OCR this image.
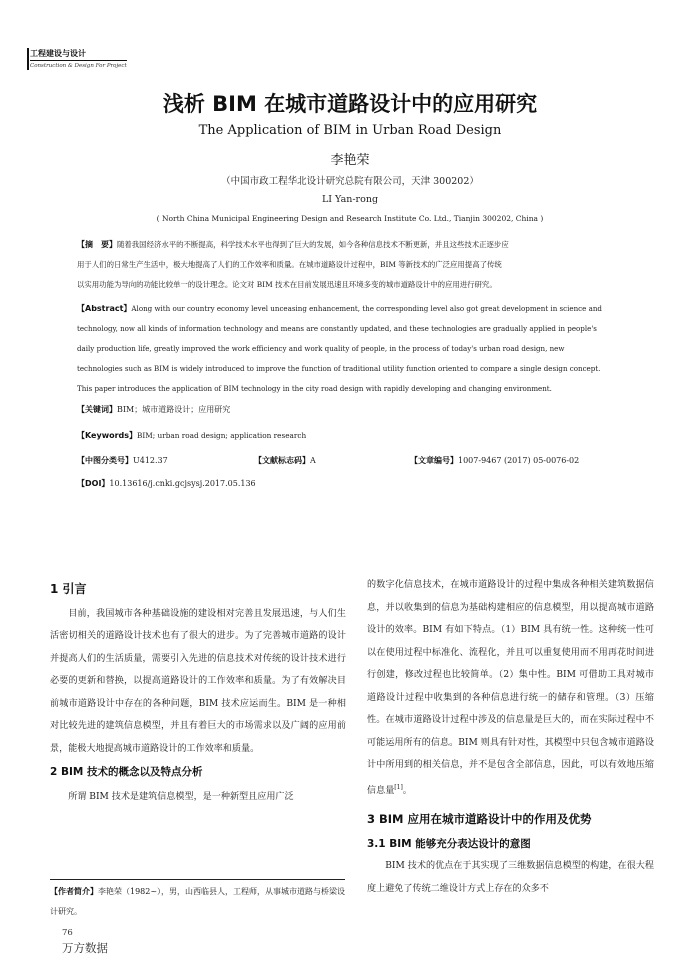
工程建设与设计
Construction & Design For Project
浅析 BIM 在城市道路设计中的应用研究
The Application of BIM in Urban Road Design
李艳荣
（中国市政工程华北设计研究总院有限公司，天津 300202）
LI Yan-rong
( North China Municipal Engineering Design and Research Institute Co. Ltd., Tianjin 300202, China )
【摘　要】随着我国经济水平的不断提高，科学技术水平也得到了巨大的发展，如今各种信息技术不断更新，并且这些技术正逐步应
用于人们的日常生产生活中，极大地提高了人们的工作效率和质量。在城市道路设计过程中，BIM 等新技术的广泛应用提高了传统
以实用功能为导向的功能比较单一的设计理念。论文对 BIM 技术在目前发展迅速且环境多变的城市道路设计中的应用进行研究。
【Abstract】Along with our country economy level unceasing enhancement, the corresponding level also got great development in science and
technology, now all kinds of information technology and means are constantly updated, and these technologies are gradually applied in people's
daily production life, greatly improved the work efficiency and work quality of people, in the process of today's urban road design, new
technologies such as BIM is widely introduced to improve the function of traditional utility function oriented to compare a single design concept.
This paper introduces the application of BIM technology in the city road design with rapidly developing and changing environment.
【关键词】BIM；城市道路设计；应用研究
【Keywords】BIM; urban road design; application research
【中图分类号】U412.37	【文献标志码】A	【文章编号】1007-9467 (2017) 05-0076-02
【DOI】10.13616/j.cnki.gcjsysj.2017.05.136
1 引言

目前，我国城市各种基础设施的建设相对完善且发展迅速，与人们生活密切相关的道路设计技术也有了很大的进步。为了完善城市道路的设计并提高人们的生活质量，需要引入先进的信息技术对传统的设计技术进行必要的更新和替换，以提高道路设计的工作效率和质量。为了有效解决目前城市道路设计中存在的各种问题，BIM 技术应运而生。BIM 是一种相对比较先进的建筑信息模型，并且有着巨大的市场需求以及广阔的应用前景，能极大地提高城市道路设计的工作效率和质量。

2 BIM 技术的概念以及特点分析

所谓 BIM 技术是建筑信息模型，是一种新型且应用广泛

的数字化信息技术，在城市道路设计的过程中集成各种相关建筑数据信息，并以收集到的信息为基础构建相应的信息模型，用以提高城市道路设计的效率。BIM 有如下特点。（1）BIM 具有统一性。这种统一性可以在使用过程中标准化、流程化，并且可以重复使用而不用再花时间进行创建，修改过程也比较简单。（2）集中性。BIM 可借助工具对城市道路设计过程中收集到的各种信息进行统一的储存和管理。（3）压缩性。在城市道路设计过程中涉及的信息量是巨大的，而在实际过程中不可能运用所有的信息。BIM 则具有针对性，其模型中只包含城市道路设计中所用到的相关信息，并不是包含全部信息，因此，可以有效地压缩信息量[1]。

3 BIM 应用在城市道路设计中的作用及优势
3.1 BIM 能够充分表达设计的意图

BIM 技术的优点在于其实现了三维数据信息模型的构建，在很大程度上避免了传统二维设计方式上存在的众多不

【作者简介】李艳荣（1982~），男，山西临县人，工程师，从事城市道路与桥梁设计研究。
76
万方数据
